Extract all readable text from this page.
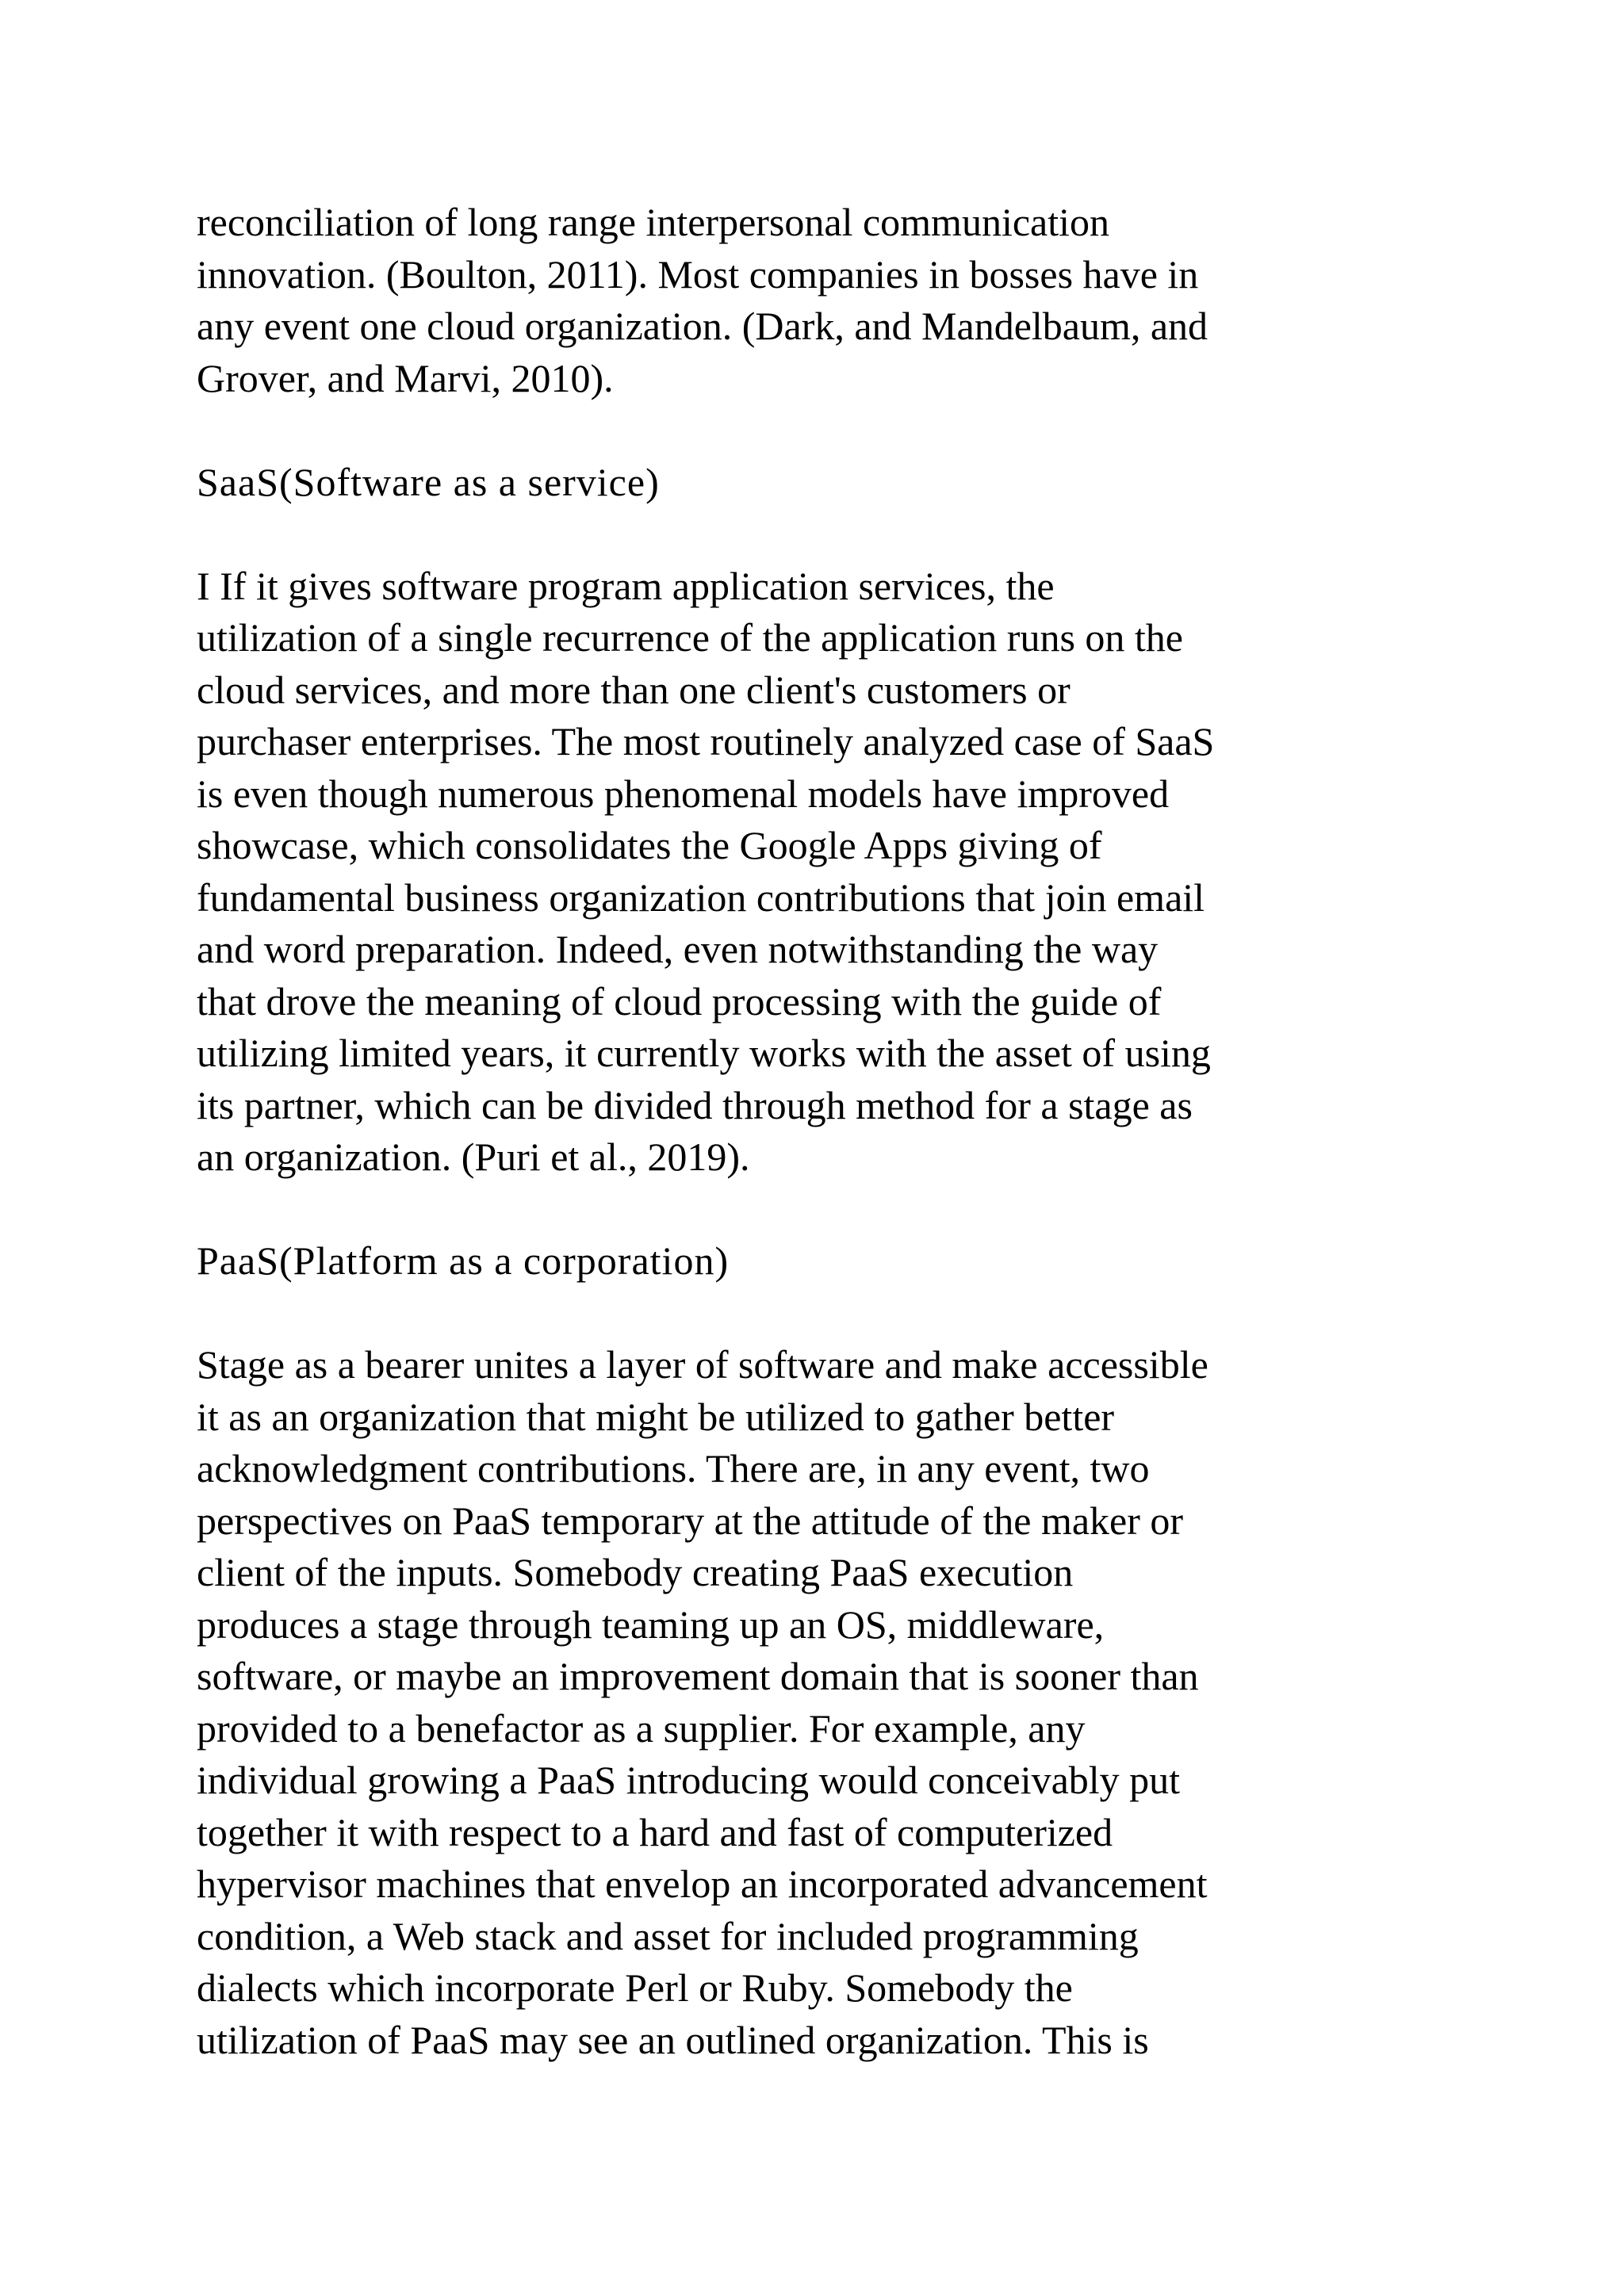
reconciliation of long range interpersonal communication
innovation. (Boulton, 2011). Most companies in bosses have in
any event one cloud organization. (Dark, and Mandelbaum, and
Grover, and Marvi, 2010).

SaaS(Software as a service)

I If it gives software program application services, the
utilization of a single recurrence of the application runs on the
cloud services, and more than one client's customers or
purchaser enterprises. The most routinely analyzed case of SaaS
is even though numerous phenomenal models have improved
showcase, which consolidates the Google Apps giving of
fundamental business organization contributions that join email
and word preparation. Indeed, even notwithstanding the way
that drove the meaning of cloud processing with the guide of
utilizing limited years, it currently works with the asset of using
its partner, which can be divided through method for a stage as
an organization. (Puri et al., 2019).

PaaS(Platform as a corporation)

Stage as a bearer unites a layer of software and make accessible
it as an organization that might be utilized to gather better
acknowledgment contributions. There are, in any event, two
perspectives on PaaS temporary at the attitude of the maker or
client of the inputs. Somebody creating PaaS execution
produces a stage through teaming up an OS, middleware,
software, or maybe an improvement domain that is sooner than
provided to a benefactor as a supplier. For example, any
individual growing a PaaS introducing would conceivably put
together it with respect to a hard and fast of computerized
hypervisor machines that envelop an incorporated advancement
condition, a Web stack and asset for included programming
dialects which incorporate Perl or Ruby. Somebody the
utilization of PaaS may see an outlined organization. This is
